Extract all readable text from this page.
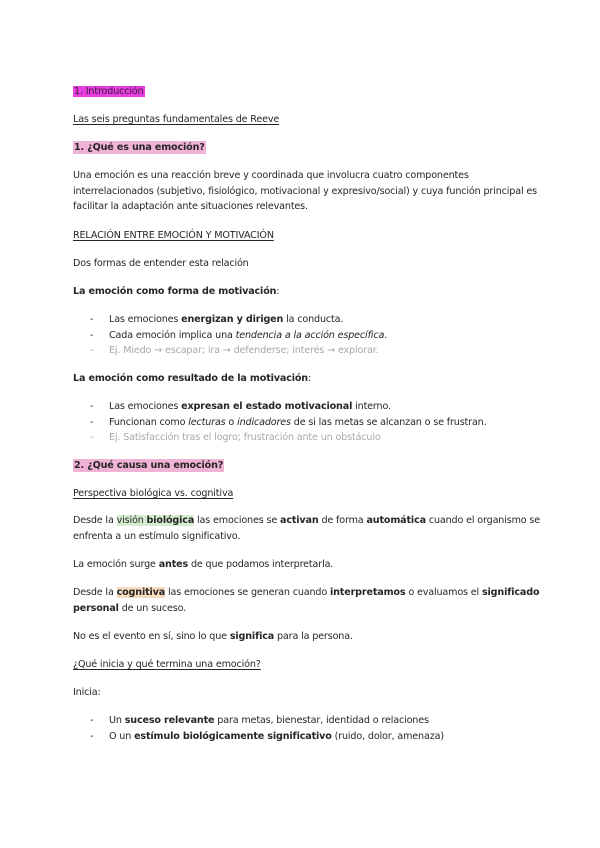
1. Introducción

Las seis preguntas fundamentales de Reeve

1. ¿Qué es una emoción?

Una emoción es una reacción breve y coordinada que involucra cuatro componentes interrelacionados (subjetivo, fisiológico, motivacional y expresivo/social) y cuya función principal es facilitar la adaptación ante situaciones relevantes.

RELACIÓN ENTRE EMOCIÓN Y MOTIVACIÓN

Dos formas de entender esta relación

La emoción como forma de motivación:

- Las emociones energizan y dirigen la conducta.
- Cada emoción implica una tendencia a la acción específica.
- Ej. Miedo → escapar; ira → defenderse; interés → explorar.

La emoción como resultado de la motivación:

- Las emociones expresan el estado motivacional interno.
- Funcionan como lecturas o indicadores de si las metas se alcanzan o se frustran.
- Ej. Satisfacción tras el logro; frustración ante un obstáculo

2. ¿Qué causa una emoción?

Perspectiva biológica vs. cognitiva

Desde la visión biológica las emociones se activan de forma automática cuando el organismo se enfrenta a un estímulo significativo.

La emoción surge antes de que podamos interpretarla.

Desde la cognitiva las emociones se generan cuando interpretamos o evaluamos el significado personal de un suceso.

No es el evento en sí, sino lo que significa para la persona.

¿Qué inicia y qué termina una emoción?

Inicia:

- Un suceso relevante para metas, bienestar, identidad o relaciones
- O un estímulo biológicamente significativo (ruido, dolor, amenaza)
